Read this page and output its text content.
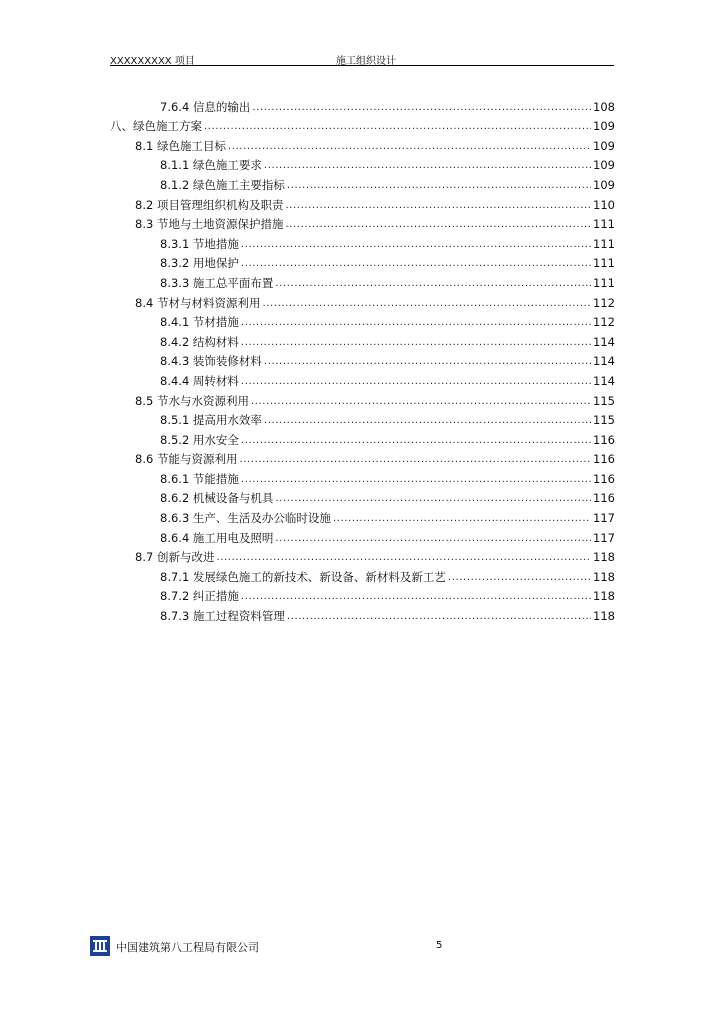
XXXXXXXXX 项目	施工组织设计
7.6.4 信息的输出 .....	108
八、绿色施工方案 .....	109
8.1 绿色施工目标 .....	109
8.1.1 绿色施工要求 .....	109
8.1.2 绿色施工主要指标 .....	109
8.2 项目管理组织机构及职责 .....	110
8.3 节地与土地资源保护措施 .....	111
8.3.1 节地措施 .....	111
8.3.2 用地保护 .....	111
8.3.3 施工总平面布置 .....	111
8.4 节材与材料资源利用 .....	112
8.4.1 节材措施 .....	112
8.4.2 结构材料 .....	114
8.4.3 装饰装修材料 .....	114
8.4.4 周转材料 .....	114
8.5 节水与水资源利用 .....	115
8.5.1 提高用水效率 .....	115
8.5.2 用水安全 .....	116
8.6 节能与资源利用 .....	116
8.6.1 节能措施 .....	116
8.6.2 机械设备与机具 .....	116
8.6.3 生产、生活及办公临时设施 .....	117
8.6.4 施工用电及照明 .....	117
8.7 创新与改进 .....	118
8.7.1 发展绿色施工的新技术、新设备、新材料及新工艺 .....	118
8.7.2 纠正措施 .....	118
8.7.3 施工过程资料管理 .....	118
中国建筑第八工程局有限公司	5
